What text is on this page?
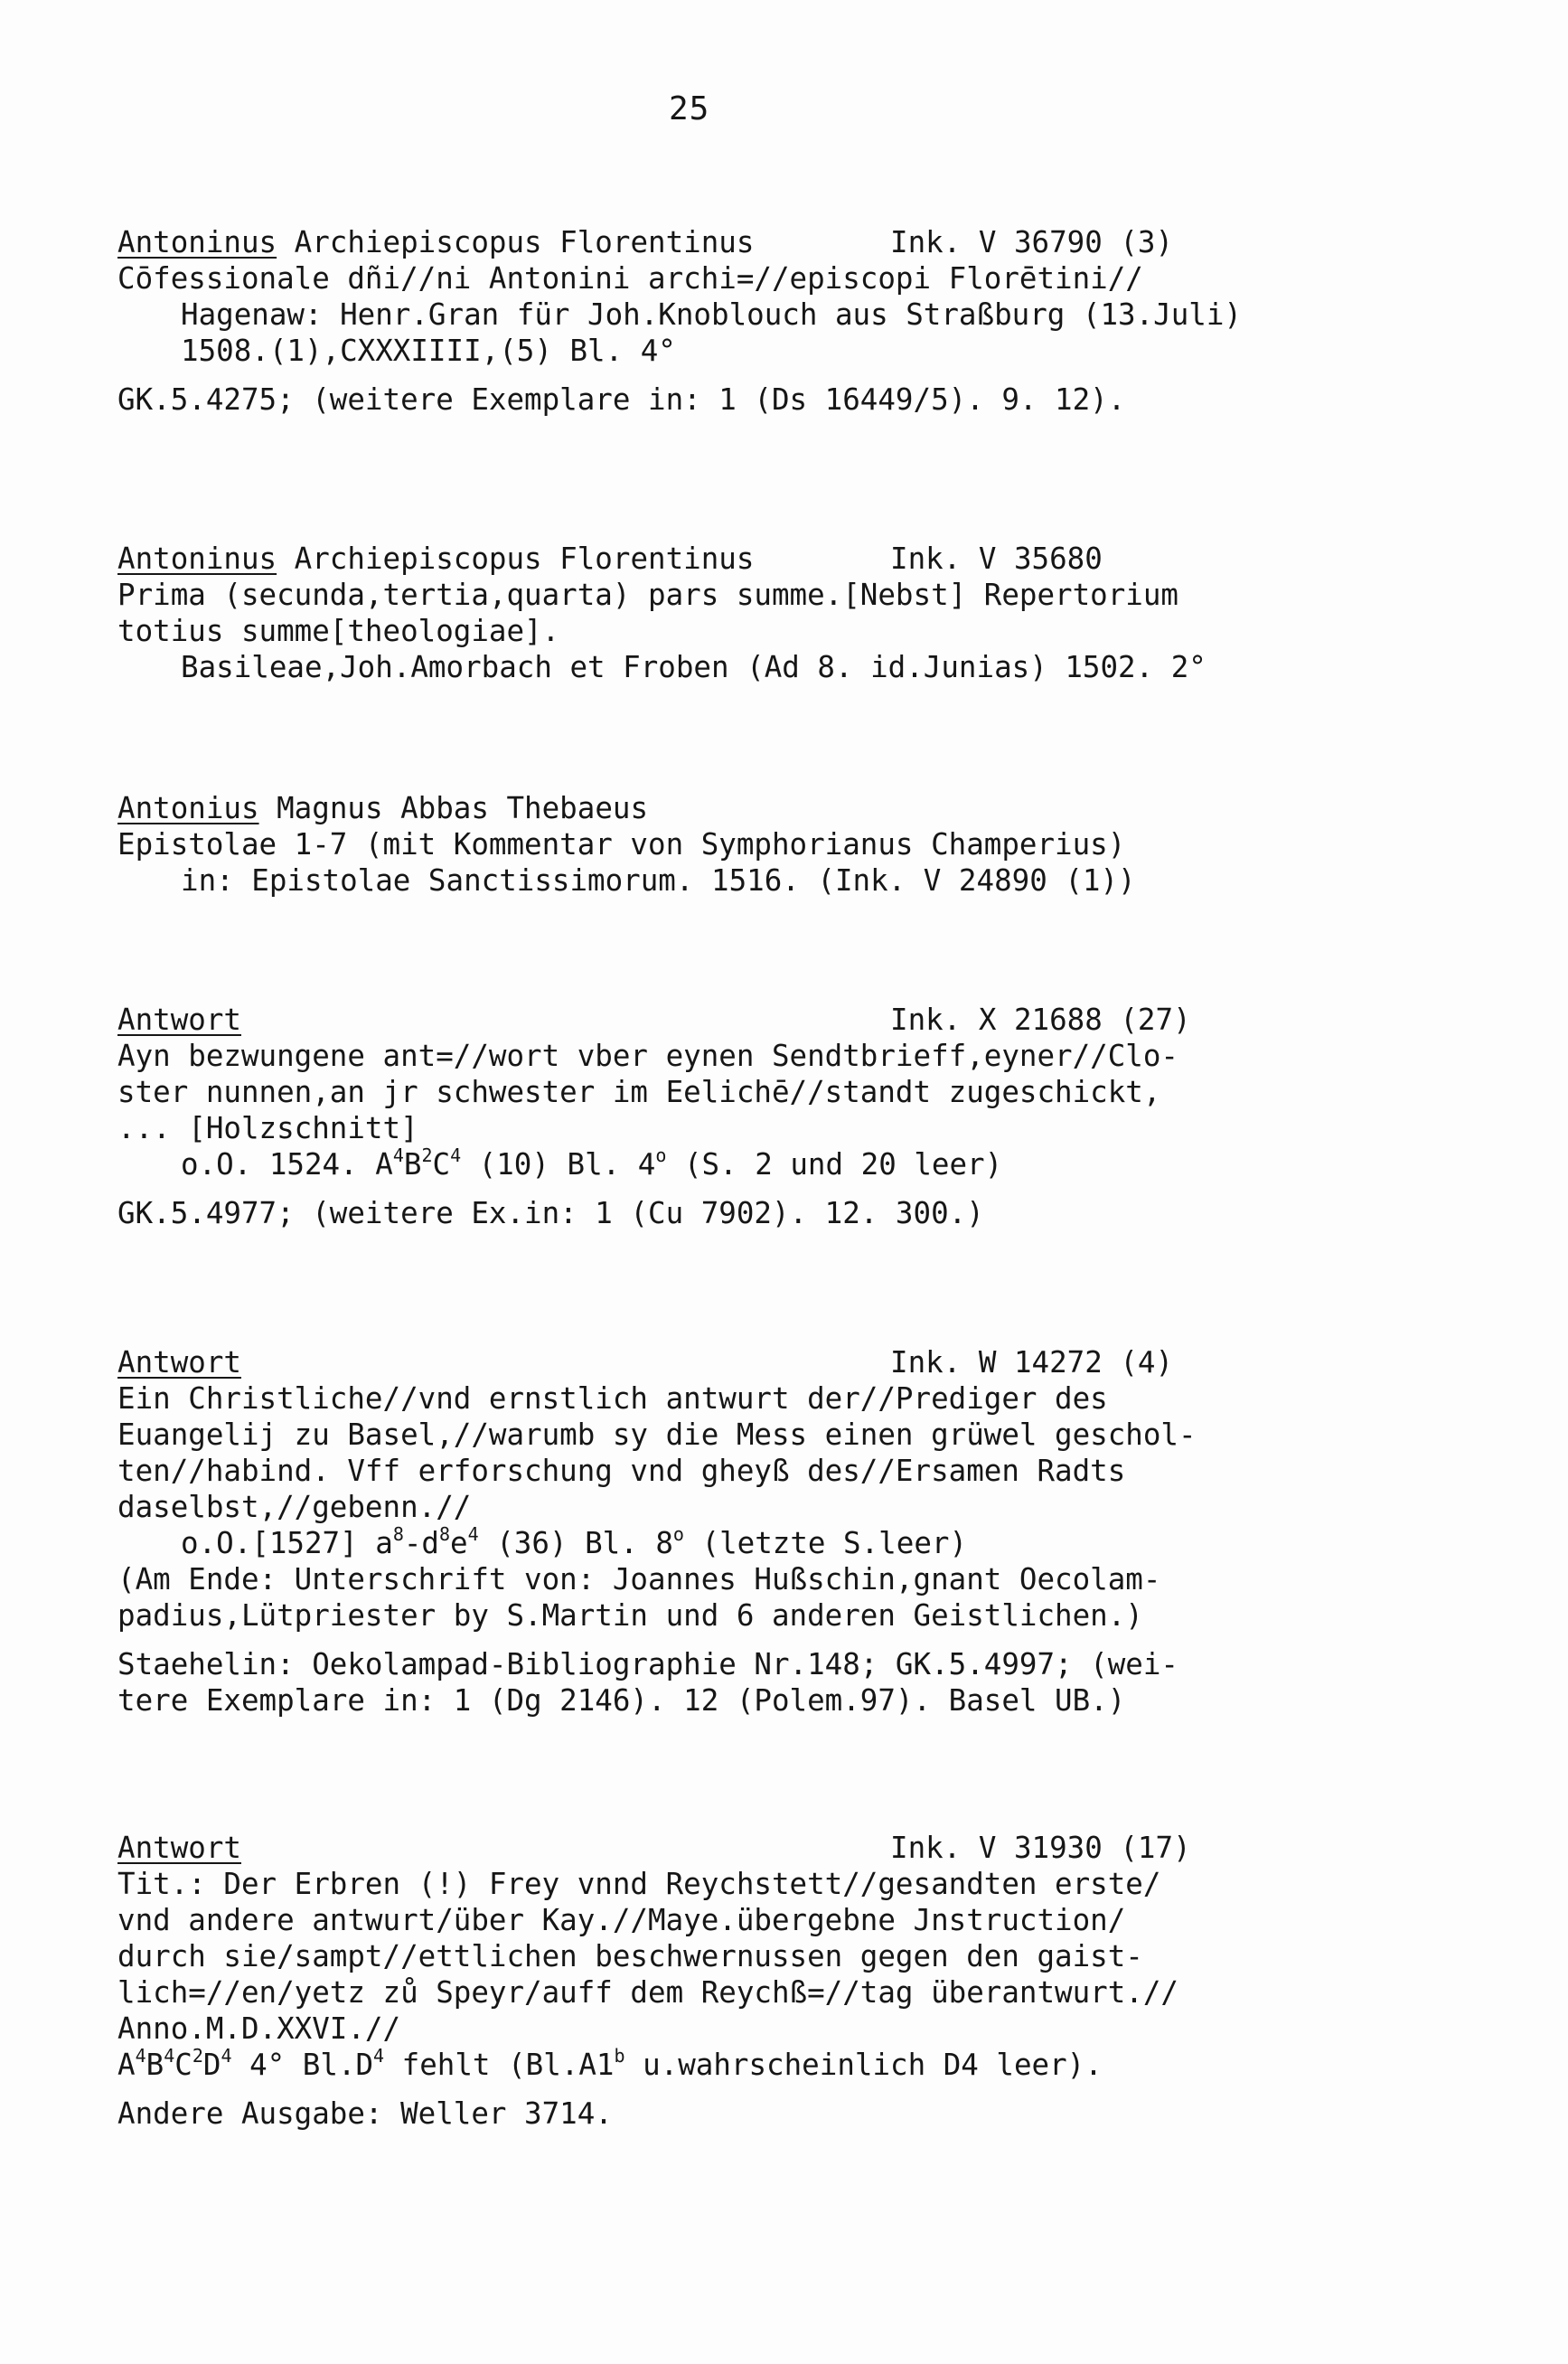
25
Antoninus Archiepiscopus Florentinus	Ink. V 36790 (3)
Cōfessionale dñi//ni Antonini archi=//episcopi Florētini//
Hagenaw: Henr.Gran für Joh.Knoblouch aus Straßburg (13.Juli)
1508.(1),CXXXIIII,(5) Bl. 4°
GK.5.4275; (weitere Exemplare in: 1 (Ds 16449/5). 9. 12).
Antoninus Archiepiscopus Florentinus	Ink. V 35680
Prima (secunda,tertia,quarta) pars summe.[Nebst] Repertorium
totius summe[theologiae].
Basileae,Joh.Amorbach et Froben (Ad 8. id.Junias) 1502. 2°
Antonius Magnus Abbas Thebaeus
Epistolae 1-7 (mit Kommentar von Symphorianus Champerius)
in: Epistolae Sanctissimorum. 1516. (Ink. V 24890 (1))
Antwort	Ink. X 21688 (27)
Ayn bezwungene ant=//wort vber eynen Sendtbrieff,eyner//Clo-
ster nunnen,an jr schwester im Eelichē//standt zugeschickt,
... [Holzschnitt]
o.O. 1524. $A^4B^2C^4$ (10) Bl. 4$^o$ (S. 2 und 20 leer)
GK.5.4977; (weitere Ex.in: 1 (Cu 7902). 12. 300.)
Antwort	Ink. W 14272 (4)
Ein Christliche//vnd ernstlich antwurt der//Prediger des
Euangelij zu Basel,//warumb sy die Mess einen grüwel geschol-
ten//habind. Vff erforschung vnd gheyß des//Ersamen Radts
daselbst,//gebenn.//
o.O.[1527] $a^8-d^8e^4$ (36) Bl. 8$^o$ (letzte S.leer)
(Am Ende: Unterschrift von: Joannes Hußschin,gnant Oecolam-
padius,Lütpriester by S.Martin und 6 anderen Geistlichen.)
Staehelin: Oekolampad-Bibliographie Nr.148; GK.5.4997; (wei-
tere Exemplare in: 1 (Dg 2146). 12 (Polem.97). Basel UB.)
Antwort	Ink. V 31930 (17)
Tit.: Der Erbren (!) Frey vnnd Reychstett//gesandten erste/
vnd andere antwurt/über Kay.//Maye.übergebne Jnstruction/
durch sie/sampt//ettlichen beschwernussen gegen den gaist-
lich=//en/yetz zů Speyr/auff dem Reychß=//tag überantwurt.//
Anno.M.D.XXVI.//
$A^4B^4C^2D^4$ 4° $Bl.D^4$ fehlt (Bl.A1$^b$ u.wahrscheinlich D4 leer).
Andere Ausgabe: Weller 3714.
